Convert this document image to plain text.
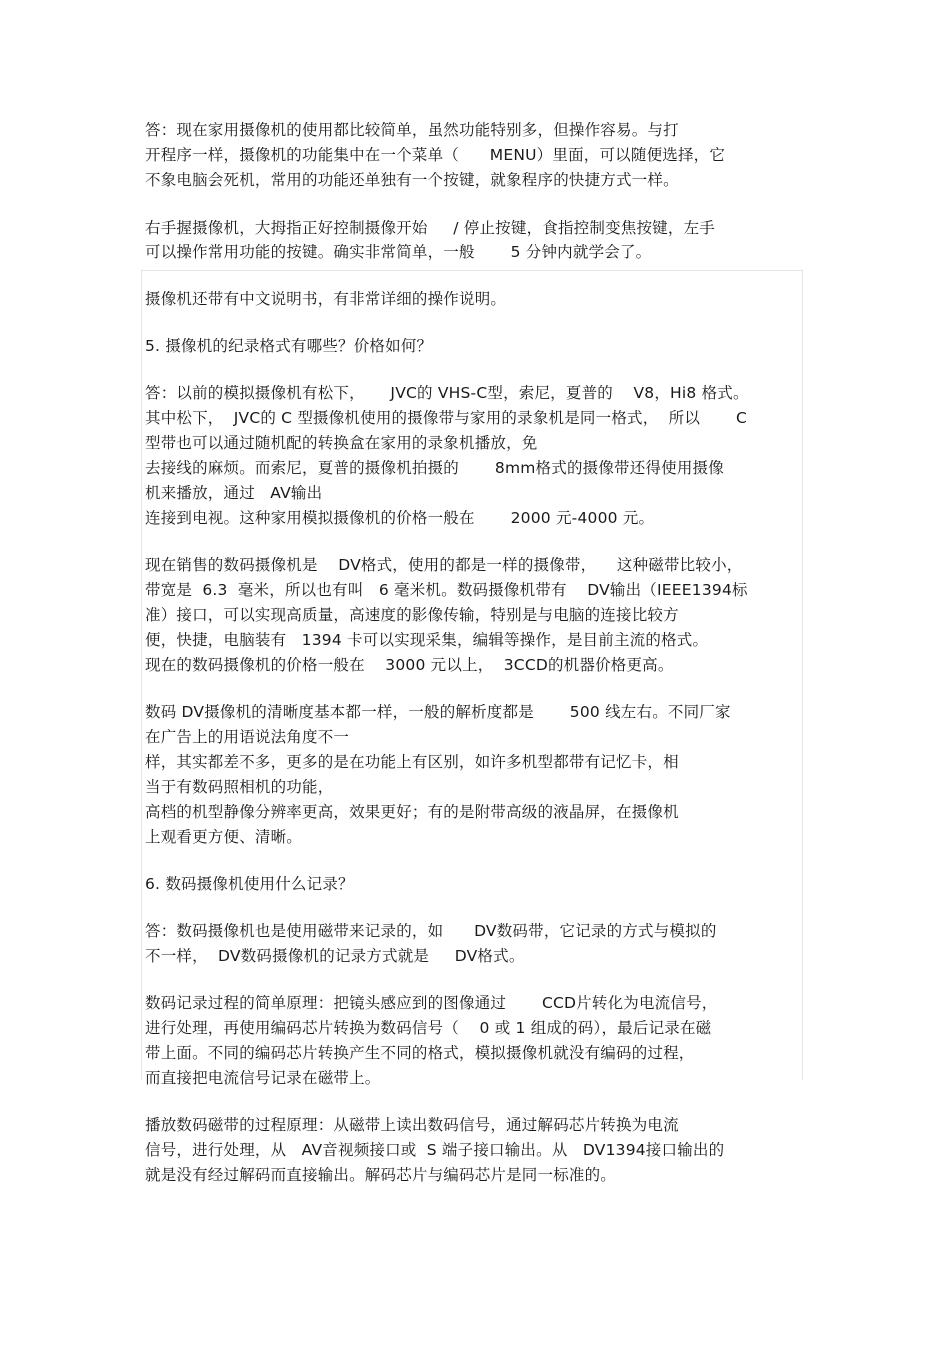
答：现在家用摄像机的使用都比较简单，虽然功能特别多，但操作容易。与打
开程序一样，摄像机的功能集中在一个菜单（      MENU）里面，可以随便选择，它
不象电脑会死机，常用的功能还单独有一个按键，就象程序的快捷方式一样。
右手握摄像机，大拇指正好控制摄像开始     / 停止按键，食指控制变焦按键，左手
可以操作常用功能的按键。确实非常简单，一般       5 分钟内就学会了。
摄像机还带有中文说明书，有非常详细的操作说明。
5. 摄像机的纪录格式有哪些？价格如何？
答：以前的模拟摄像机有松下，     JVC的 VHS-C型，索尼，夏普的    V8，Hi8 格式。
其中松下，  JVC的 C 型摄像机使用的摄像带与家用的录象机是同一格式，  所以       C
型带也可以通过随机配的转换盒在家用的录象机播放，免
去接线的麻烦。而索尼，夏普的摄像机拍摄的       8mm格式的摄像带还得使用摄像
机来播放，通过   AV输出
连接到电视。这种家用模拟摄像机的价格一般在       2000 元-4000 元。
现在销售的数码摄像机是    DV格式，使用的都是一样的摄像带，    这种磁带比较小，
带宽是  6.3  毫米，所以也有叫   6 毫米机。数码摄像机带有    DV输出（IEEE1394标
准）接口，可以实现高质量，高速度的影像传输，特别是与电脑的连接比较方
便，快捷，电脑装有   1394 卡可以实现采集，编辑等操作，是目前主流的格式。
现在的数码摄像机的价格一般在    3000 元以上，  3CCD的机器价格更高。
数码 DV摄像机的清晰度基本都一样，一般的解析度都是       500 线左右。不同厂家
在广告上的用语说法角度不一
样，其实都差不多，更多的是在功能上有区别，如许多机型都带有记忆卡，相
当于有数码照相机的功能，
高档的机型静像分辨率更高，效果更好；有的是附带高级的液晶屏，在摄像机
上观看更方便、清晰。
6. 数码摄像机使用什么记录？
答：数码摄像机也是使用磁带来记录的，如      DV数码带，它记录的方式与模拟的
不一样，  DV数码摄像机的记录方式就是     DV格式。
数码记录过程的简单原理：把镜头感应到的图像通过       CCD片转化为电流信号，
进行处理，再使用编码芯片转换为数码信号（    0 或 1 组成的码），最后记录在磁
带上面。不同的编码芯片转换产生不同的格式，模拟摄像机就没有编码的过程，
而直接把电流信号记录在磁带上。
播放数码磁带的过程原理：从磁带上读出数码信号，通过解码芯片转换为电流
信号，进行处理，从   AV音视频接口或  S 端子接口输出。从   DV1394接口输出的
就是没有经过解码而直接输出。解码芯片与编码芯片是同一标准的。
